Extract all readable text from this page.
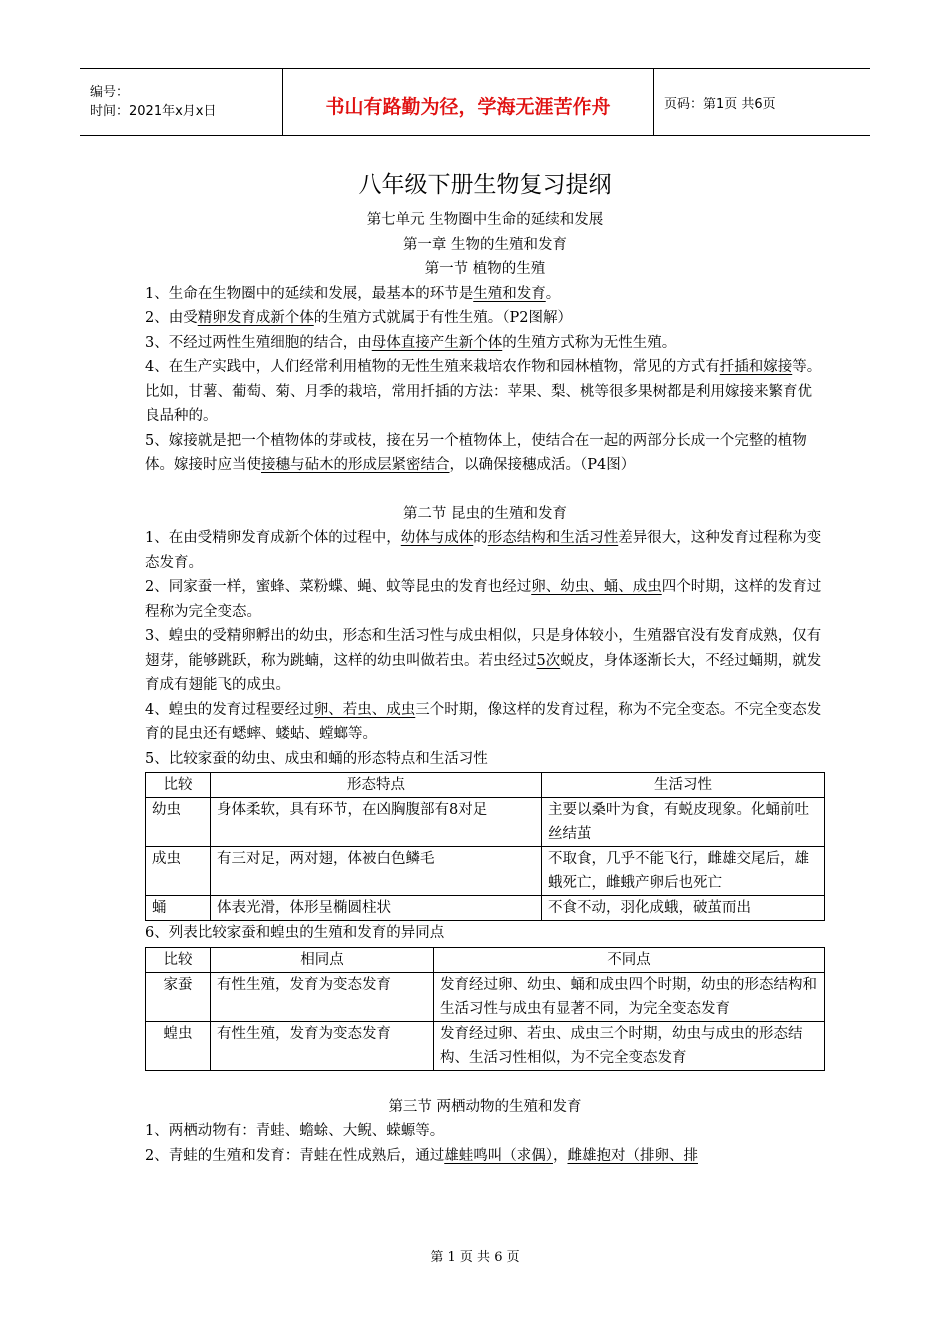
编号：
时间：2021年x月x日	书山有路勤为径，学海无涯苦作舟	页码：第1页 共6页
八年级下册生物复习提纲
第七单元 生物圈中生命的延续和发展
第一章 生物的生殖和发育
第一节 植物的生殖

1、生命在生物圈中的延续和发展，最基本的环节是生殖和发育。

2、由受精卵发育成新个体的生殖方式就属于有性生殖。（P2图解）

3、不经过两性生殖细胞的结合，由母体直接产生新个体的生殖方式称为无性生殖。

4、在生产实践中，人们经常利用植物的无性生殖来栽培农作物和园林植物，常见的方式有扦插和嫁接等。比如，甘薯、葡萄、菊、月季的栽培，常用扦插的方法：苹果、梨、桃等很多果树都是利用嫁接来繁育优良品种的。

5、嫁接就是把一个植物体的芽或枝，接在另一个植物体上，使结合在一起的两部分长成一个完整的植物体。嫁接时应当使接穗与砧木的形成层紧密结合，以确保接穗成活。（P4图）

第二节 昆虫的生殖和发育

1、在由受精卵发育成新个体的过程中，幼体与成体的形态结构和生活习性差异很大，这种发育过程称为变态发育。

2、同家蚕一样，蜜蜂、菜粉蝶、蝇、蚊等昆虫的发育也经过卵、幼虫、蛹、成虫四个时期，这样的发育过程称为完全变态。

3、蝗虫的受精卵孵出的幼虫，形态和生活习性与成虫相似，只是身体较小，生殖器官没有发育成熟，仅有翅芽，能够跳跃，称为跳蝻，这样的幼虫叫做若虫。若虫经过5次蜕皮，身体逐渐长大，不经过蛹期，就发育成有翅能飞的成虫。

4、蝗虫的发育过程要经过卵、若虫、成虫三个时期，像这样的发育过程，称为不完全变态。不完全变态发育的昆虫还有蟋蟀、蝼蛄、螳螂等。

5、比较家蚕的幼虫、成虫和蛹的形态特点和生活习性

比较	形态特点	生活习性
幼虫	身体柔软，具有环节，在凶胸腹部有8对足	主要以桑叶为食，有蜕皮现象。化蛹前吐丝结茧
成虫	有三对足，两对翅，体被白色鳞毛	不取食，几乎不能飞行，雌雄交尾后，雄蛾死亡，雌蛾产卵后也死亡
蛹	体表光滑，体形呈椭圆柱状	不食不动，羽化成蛾，破茧而出

6、列表比较家蚕和蝗虫的生殖和发育的异同点

比较	相同点	不同点
家蚕	有性生殖，发育为变态发育	发育经过卵、幼虫、蛹和成虫四个时期，幼虫的形态结构和生活习性与成虫有显著不同，为完全变态发育
蝗虫	有性生殖，发育为变态发育	发育经过卵、若虫、成虫三个时期，幼虫与成虫的形态结构、生活习性相似，为不完全变态发育
第三节 两栖动物的生殖和发育

1、两栖动物有：青蛙、蟾蜍、大鲵、蝾螈等。

2、青蛙的生殖和发育：青蛙在性成熟后，通过雄蛙鸣叫（求偶），雌雄抱对（排卵、排

第 1 页 共 6 页
